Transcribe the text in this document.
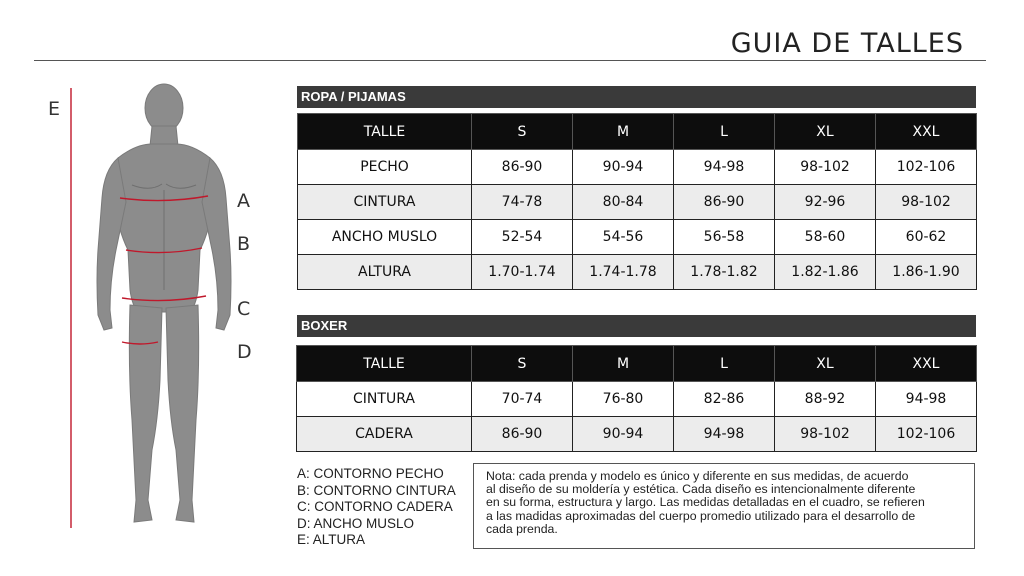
GUIA DE TALLES
E
A
B
C
D
ROPA / PIJAMAS
TALLE	S	M	L	XL	XXL
PECHO	86-90	90-94	94-98	98-102	102-106
CINTURA	74-78	80-84	86-90	92-96	98-102
ANCHO MUSLO	52-54	54-56	56-58	58-60	60-62
ALTURA	1.70-1.74	1.74-1.78	1.78-1.82	1.82-1.86	1.86-1.90
BOXER
TALLE	S	M	L	XL	XXL
CINTURA	70-74	76-80	82-86	88-92	94-98
CADERA	86-90	90-94	94-98	98-102	102-106
A: CONTORNO PECHO
B: CONTORNO CINTURA
C: CONTORNO CADERA
D: ANCHO MUSLO
E: ALTURA
Nota: cada prenda y modelo es único y diferente en sus medidas, de acuerdo
al diseño de su moldería y estética. Cada diseño es intencionalmente diferente
en su forma, estructura y largo. Las medidas detalladas en el cuadro, se refieren
a las madidas aproximadas del cuerpo promedio utilizado para el desarrollo de
cada prenda.
